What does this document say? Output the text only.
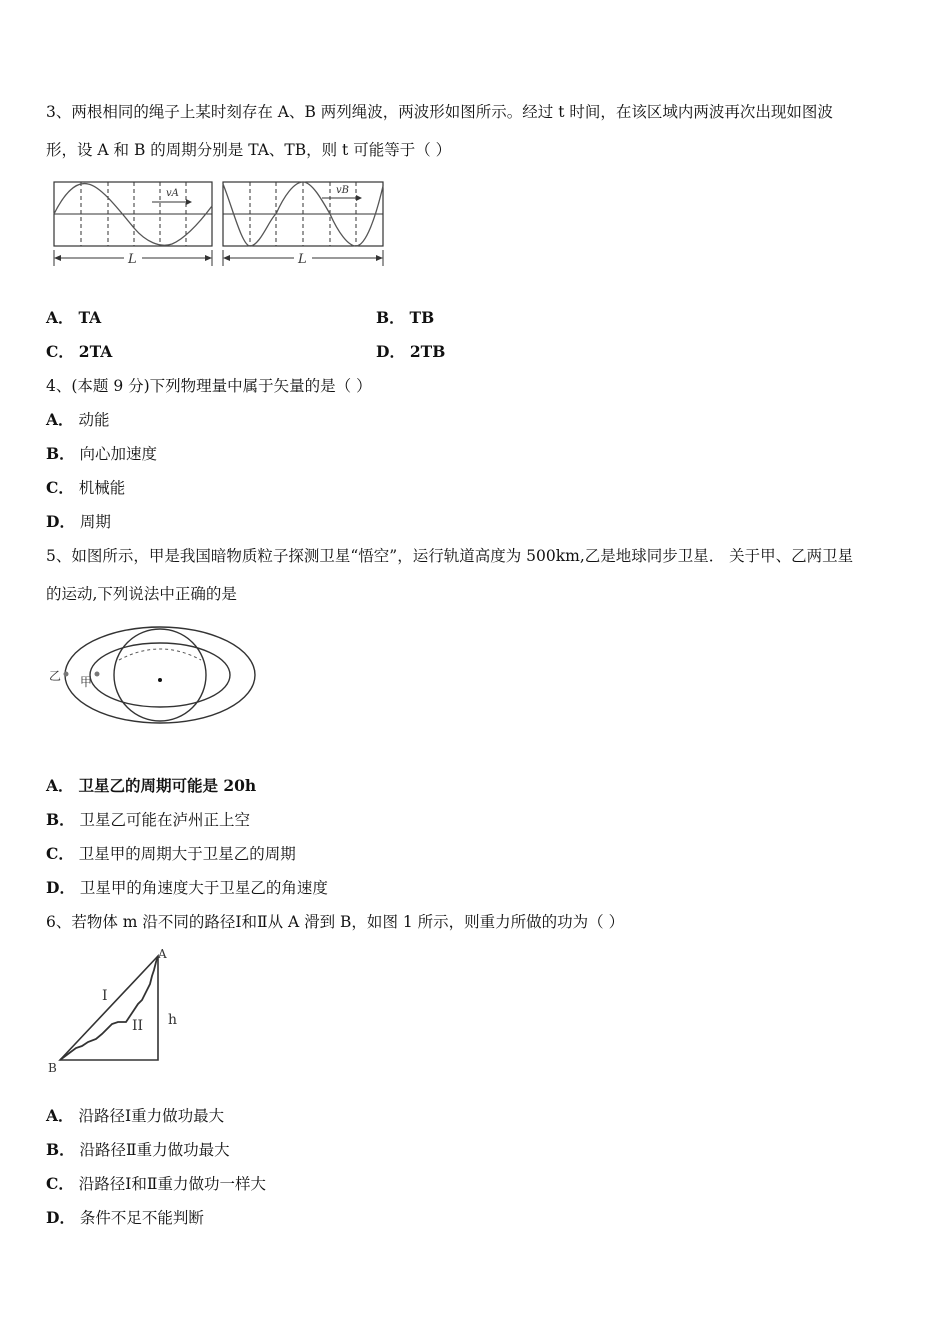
3、两根相同的绳子上某时刻存在 A、B 两列绳波，两波形如图所示。经过 t 时间，在该区域内两波再次出现如图波
形，设 A 和 B 的周期分别是 TA、TB，则 t 可能等于（ ）
vA
L
vB
L
A． TA	B． TB
C． 2TA	D． 2TB
4、(本题 9 分)下列物理量中属于矢量的是（ ）
A． 动能
B． 向心加速度
C． 机械能
D． 周期
5、如图所示，甲是我国暗物质粒子探测卫星“悟空”，运行轨道高度为 500km,乙是地球同步卫星． 关于甲、乙两卫星
的运动,下列说法中正确的是
乙 甲
A． 卫星乙的周期可能是 20h
B． 卫星乙可能在泸州正上空
C． 卫星甲的周期大于卫星乙的周期
D． 卫星甲的角速度大于卫星乙的角速度
6、若物体 m 沿不同的路径Ⅰ和Ⅱ从 A 滑到 B，如图 1 所示，则重力所做的功为（ ）
A
B
I
II h
A． 沿路径Ⅰ重力做功最大
B． 沿路径Ⅱ重力做功最大
C． 沿路径Ⅰ和Ⅱ重力做功一样大
D． 条件不足不能判断
